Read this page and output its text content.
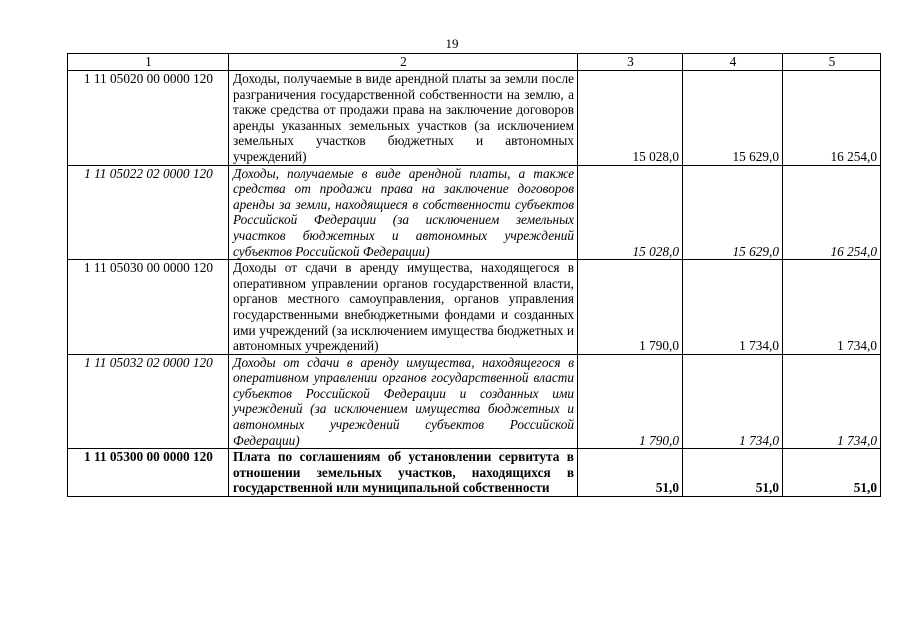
19
1	2	3	4	5
1 11 05020 00 0000 120	Доходы, получаемые в виде арендной платы за земли после разграничения государственной собственности на землю, а также средства от продажи права на заключение договоров аренды указанных земельных участков (за исключением земельных участков бюджетных и автономных учреждений)	15 028,0	15 629,0	16 254,0
1 11 05022 02 0000 120	Доходы, получаемые в виде арендной платы, а также средства от продажи права на заключение договоров аренды за земли, находящиеся в собственности субъектов Российской Федерации (за исключением земельных участков бюджетных и автономных учреждений субъектов Российской Федерации)	15 028,0	15 629,0	16 254,0
1 11 05030 00 0000 120	Доходы от сдачи в аренду имущества, находящегося в оперативном управлении органов государственной власти, органов местного самоуправления, органов управления государственными внебюджетными фондами и созданных ими учреждений (за исключением имущества бюджетных и автономных учреждений)	1 790,0	1 734,0	1 734,0
1 11 05032 02 0000 120	Доходы от сдачи в аренду имущества, находящегося в оперативном управлении органов государственной власти субъектов Российской Федерации и созданных ими учреждений (за исключением имущества бюджетных и автономных учреждений субъектов Российской Федерации)	1 790,0	1 734,0	1 734,0
1 11 05300 00 0000 120	Плата по соглашениям об установлении сервитута в отношении земельных участков, находящихся в государственной или муниципальной собственности	51,0	51,0	51,0
